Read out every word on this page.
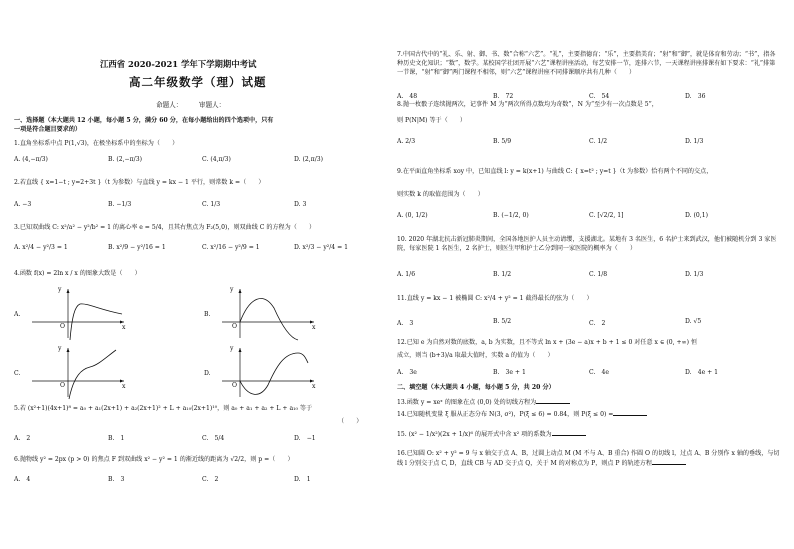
江西省 2020-2021 学年下学期期中考试
高二年级数学（理）试题
命题人：　　　审题人：
一、选择题（本大题共 12 小题，每小题 5 分，满分 60 分，在每小题给出的四个选项中，只有
一项是符合题目要求的）
1.直角坐标系中点 P(1,√3)，在极坐标系中的坐标为（　　）
A. (4,−π/3)	B. (2,−π/3)	C. (4,π/3)	D. (2,π/3)
2.若直线 { x=1−t ; y=2+3t }（t 为参数）与直线 y = kx − 1 平行，则常数 k =（　　）
A. −3	B. −1/3	C. 1/3	D. 3
3.已知双曲线 C: x²/a² − y²/b² = 1 的离心率 e = 5/4，且其右焦点为 F₂(5,0)，则双曲线 C 的方程为（　　）
A. x²/4 − y²/3 = 1	B. x²/9 − y²/16 = 1	C. x²/16 − y²/9 = 1	D. x²/3 − y²/4 = 1
4.函数 f(x) = 2ln x / x 的图象大致是（　　）
A.
y
x
O
B.
y
x
O
C.
y
x
O
D.
y
x
O
5.若 (x²+1)(4x+1)⁸ = a₀ + a₁(2x+1) + a₂(2x+1)² + L + a₁₀(2x+1)¹⁰，则 a₀ + a₁ + a₂ + L + a₁₀ 等于
（　　）
A.　2	B.　1	C.　5/4	D.　−1
6.抛物线 y² = 2px (p > 0) 的焦点 F 到双曲线 x² − y² = 1 的渐近线的距离为 √2/2，则 p =（　　）
A.　4	B.　3	C.　2	D.　1
7.中国古代中的“礼、乐、射、御、书、数”合称“六艺”。“礼”，主要指德育；“乐”，主要指美育；“射”和“御”，就是体育和劳动；“书”，指各种历史文化知识；“数”，数学。某校国学社团开展“六艺”课程讲座活动，每艺安排一节，连排六节，一天课程讲座排课有如下要求：“礼”排第一节课，“射”和“御”两门课程不相邻，则“六艺”课程讲座不同排课顺序共有几种（　　）
A.　48	B.　72	C.　54	D.　36
8.抛一枚骰子连续抛两次，记事件 M 为“两次所得点数均为奇数”，N 为“至少有一次点数是 5”，
则 P(N|M) 等于（　　）
A. 2/3	B. 5/9	C. 1/2	D. 1/3
9.在平面直角坐标系 xoy 中，已知直线 l: y = k(x+1) 与曲线 C: { x=t² ; y=t }（t 为参数）恰有两个不同的交点，
则实数 k 的取值范围为（　　）
A. (0, 1/2)	B. (−1/2, 0)	C. [√2/2, 1]	D. (0,1)
10. 2020 年湖北抗击新冠肺炎期间，全国各地医护人员主动请缨，支援湖北。某地有 3 名医生，6 名护士来到武汉，他们被随机分到 3 家医院，每家医院 1 名医生，2 名护士，则医生甲和护士乙分到同一家医院的概率为（　　）
A. 1/6	B. 1/2	C. 1/8	D. 1/3
11.直线 y = kx − 1 被椭圆 C: x²/4 + y² = 1 截得最长的弦为（　　）
A.　3	B. 5/2	C.　2	D. √5
12.已知 e 为自然对数的底数，a, b 为实数，且不等式 ln x + (3e − a)x + b + 1 ≤ 0 对任意 x ∈ (0, +∞) 恒
成立，则当 (b+3)/a 取最大值时，实数 a 的值为（　　）
A.　3e	B.　3e + 1	C.　4e	D.　4e + 1
二、填空题（本大题共 4 小题，每小题 5 分，共 20 分）
13.函数 y = xeˣ 的图象在点 (0,0) 处的切线方程为
14.已知随机变量 ξ 服从正态分布 N(3, σ²)，P(ξ ≤ 6) = 0.84，则 P(ξ ≤ 0) =
15. (x² − 1/x²)(2x + 1/x)⁶ 的展开式中含 x² 项的系数为
16.已知圆 O: x² + y² = 9 与 x 轴交于点 A、B，过圆上动点 M (M 不与 A、B 重合) 作圆 O 的切线 l，过点 A、B 分别作 x 轴的垂线，与切线 l 分别交于点 C, D，直线 CB 与 AD 交于点 Q，关于 M 的对称点为 P，则点 P 的轨迹方程
